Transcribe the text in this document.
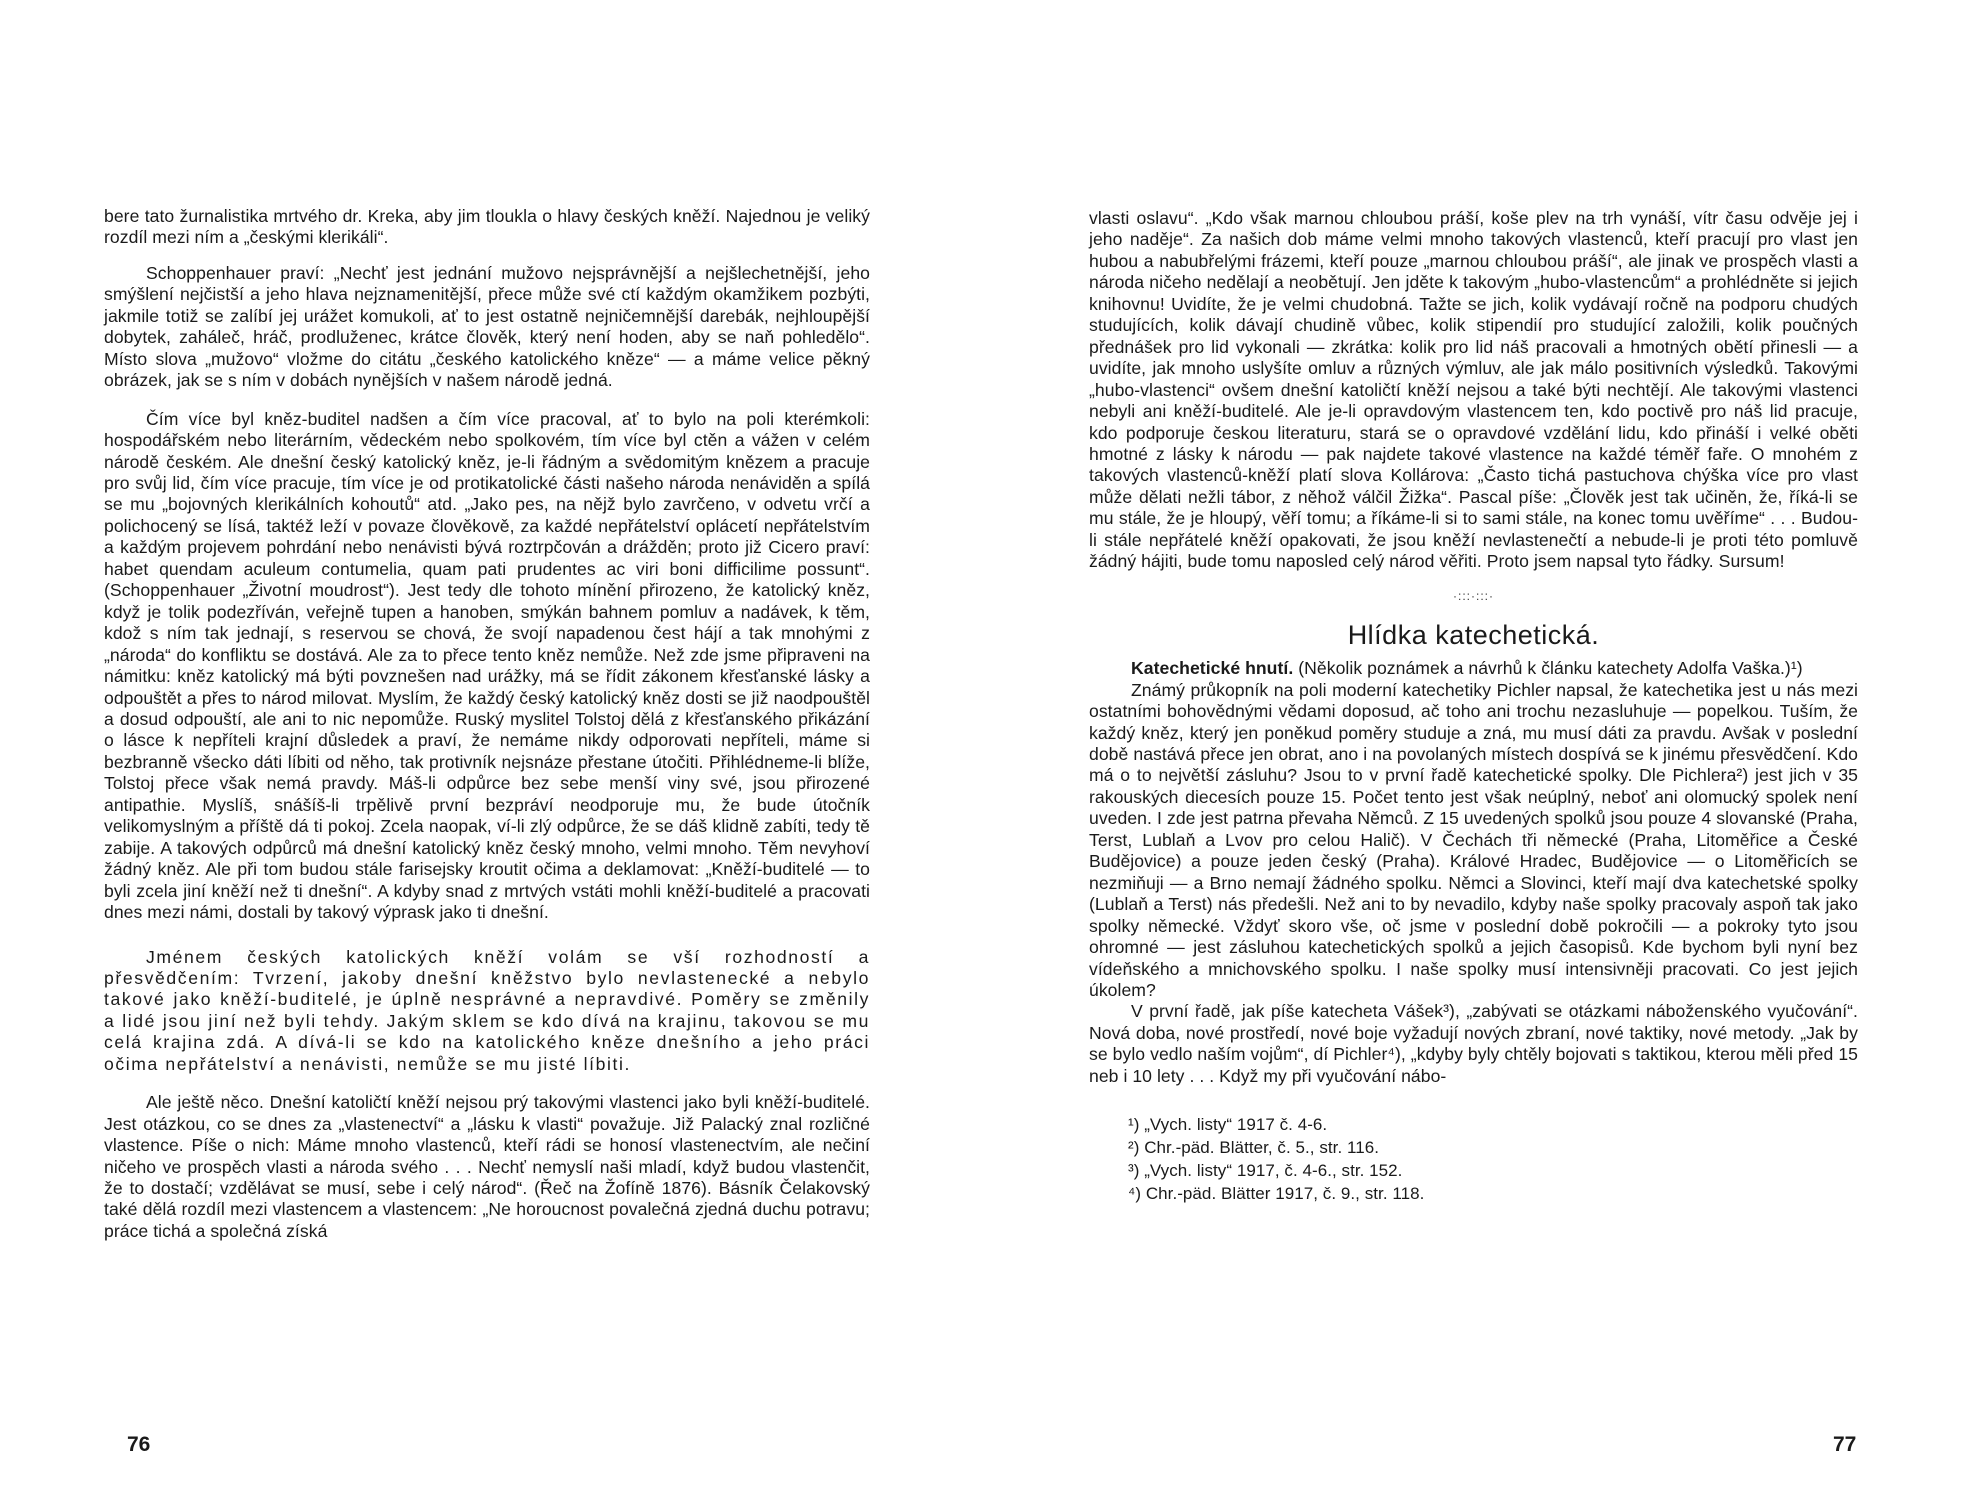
bere tato žurnalistika mrtvého dr. Kreka, aby jim tloukla o hlavy českých kněží. Najednou je veliký rozdíl mezi ním a „českými klerikáli“.

Schoppenhauer praví: „Nechť jest jednání mužovo nejsprávnější a nejšlechetnější, jeho smýšlení nejčistší a jeho hlava nejznamenitější, přece může své ctí každým okamžikem pozbýti, jakmile totiž se zalíbí jej urážet komukoli, ať to jest ostatně nejničemnější darebák, nejhloupější dobytek, zaháleč, hráč, prodluženec, krátce člověk, který není hoden, aby se naň pohledělo“. Místo slova „mužovo“ vložme do citátu „českého katolického kněze“ — a máme velice pěkný obrázek, jak se s ním v dobách nynějších v našem národě jedná.

Čím více byl kněz-buditel nadšen a čím více pracoval, ať to bylo na poli kterémkoli: hospodářském nebo literárním, vědeckém nebo spolkovém, tím více byl ctěn a vážen v celém národě českém. Ale dnešní český katolický kněz, je-li řádným a svědomitým knězem a pracuje pro svůj lid, čím více pracuje, tím více je od protikatolické části našeho národa nenáviděn a spílá se mu „bojovných klerikálních kohoutů“ atd. „Jako pes, na nějž bylo zavrčeno, v odvetu vrčí a polichocený se lísá, taktéž leží v povaze člověkově, za každé nepřátelství oplácetí nepřátelstvím a každým projevem pohrdání nebo nenávisti bývá roztrpčován a drážděn; proto již Cicero praví: habet quendam aculeum contumelia, quam pati prudentes ac viri boni difficilime possunt“. (Schoppenhauer „Životní moudrost“). Jest tedy dle tohoto mínění přirozeno, že katolický kněz, když je tolik podezříván, veřejně tupen a hanoben, smýkán bahnem pomluv a nadávek, k těm, kdož s ním tak jednají, s reservou se chová, že svojí napadenou čest hájí a tak mnohými z „národa“ do konfliktu se dostává. Ale za to přece tento kněz nemůže. Než zde jsme připraveni na námitku: kněz katolický má býti povznešen nad urážky, má se řídit zákonem křesťanské lásky a odpouštět a přes to národ milovat. Myslím, že každý český katolický kněz dosti se již naodpouštěl a dosud odpouští, ale ani to nic nepomůže. Ruský myslitel Tolstoj dělá z křesťanského přikázání o lásce k nepříteli krajní důsledek a praví, že nemáme nikdy odporovati nepříteli, máme si bezbranně všecko dáti líbiti od něho, tak protivník nejsnáze přestane útočiti. Přihlédneme-li blíže, Tolstoj přece však nemá pravdy. Máš-li odpůrce bez sebe menší viny své, jsou přirozené antipathie. Myslíš, snášíš-li trpělivě první bezpráví neodporuje mu, že bude útočník velikomyslným a příště dá ti pokoj. Zcela naopak, ví-li zlý odpůrce, že se dáš klidně zabíti, tedy tě zabije. A takových odpůrců má dnešní katolický kněz český mnoho, velmi mnoho. Těm nevyhoví žádný kněz. Ale při tom budou stále farisejsky kroutit očima a deklamovat: „Kněží-buditelé — to byli zcela jiní kněží než ti dnešní“. A kdyby snad z mrtvých vstáti mohli kněží-buditelé a pracovati dnes mezi námi, dostali by takový výprask jako ti dnešní.

Jménem českých katolických kněží volám se vší rozhodností a přesvědčením: Tvrzení, jakoby dnešní kněžstvo bylo nevlastenecké a nebylo takové jako kněží-buditelé, je úplně nesprávné a nepravdivé. Poměry se změnily a lidé jsou jiní než byli tehdy. Jakým sklem se kdo dívá na krajinu, takovou se mu celá krajina zdá. A dívá-li se kdo na katolického kněze dnešního a jeho práci očima nepřátelství a nenávisti, nemůže se mu jisté líbiti.

Ale ještě něco. Dnešní katoličtí kněží nejsou prý takovými vlastenci jako byli kněží-buditelé. Jest otázkou, co se dnes za „vlastenectví“ a „lásku k vlasti“ považuje. Již Palacký znal rozličné vlastence. Píše o nich: Máme mnoho vlastenců, kteří rádi se honosí vlastenectvím, ale nečiní ničeho ve prospěch vlasti a národa svého . . . Nechť nemyslí naši mladí, když budou vlastenčit, že to dostačí; vzdělávat se musí, sebe i celý národ“. (Řeč na Žofíně 1876). Básník Čelakovský také dělá rozdíl mezi vlastencem a vlastencem: „Ne horoucnost povalečná zjedná duchu potravu; práce tichá a společná získá

76

vlasti oslavu“. „Kdo však marnou chloubou práší, koše plev na trh vynáší, vítr času odvěje jej i jeho naděje“. Za našich dob máme velmi mnoho takových vlastenců, kteří pracují pro vlast jen hubou a nabubřelými frázemi, kteří pouze „marnou chloubou práší“, ale jinak ve prospěch vlasti a národa ničeho nedělají a neobětují. Jen jděte k takovým „hubo-vlastencům“ a prohlédněte si jejich knihovnu! Uvidíte, že je velmi chudobná. Tažte se jich, kolik vydávají ročně na podporu chudých studujících, kolik dávají chudině vůbec, kolik stipendií pro studující založili, kolik poučných přednášek pro lid vykonali — zkrátka: kolik pro lid náš pracovali a hmotných obětí přinesli — a uvidíte, jak mnoho uslyšíte omluv a různých výmluv, ale jak málo positivních výsledků. Takovými „hubo-vlastenci“ ovšem dnešní katoličtí kněží nejsou a také býti nechtějí. Ale takovými vlastenci nebyli ani kněží-buditelé. Ale je-li opravdovým vlastencem ten, kdo poctivě pro náš lid pracuje, kdo podporuje českou literaturu, stará se o opravdové vzdělání lidu, kdo přináší i velké oběti hmotné z lásky k národu — pak najdete takové vlastence na každé téměř faře. O mnohém z takových vlastenců-kněží platí slova Kollárova: „Často tichá pastuchova chýška více pro vlast může dělati nežli tábor, z něhož válčil Žižka“. Pascal píše: „Člověk jest tak učiněn, že, říká-li se mu stále, že je hloupý, věří tomu; a říkáme-li si to sami stále, na konec tomu uvěříme“ . . . Budou-li stále nepřátelé kněží opakovati, že jsou kněží nevlastenečtí a nebude-li je proti této pomluvě žádný hájiti, bude tomu naposled celý národ věřiti. Proto jsem napsal tyto řádky. Sursum!

·:::·:::·
Hlídka katechetická.

Katechetické hnutí. (Několik poznámek a návrhů k článku katechety Adolfa Vaška.)¹)

Známý průkopník na poli moderní katechetiky Pichler napsal, že katechetika jest u nás mezi ostatními bohovědnými vědami doposud, ač toho ani trochu nezasluhuje — popelkou. Tuším, že každý kněz, který jen poněkud poměry studuje a zná, mu musí dáti za pravdu. Avšak v poslední době nastává přece jen obrat, ano i na povolaných místech dospívá se k jinému přesvědčení. Kdo má o to největší zásluhu? Jsou to v první řadě katechetické spolky. Dle Pichlera²) jest jich v 35 rakouských diecesích pouze 15. Počet tento jest však neúplný, neboť ani olomucký spolek není uveden. I zde jest patrna převaha Němců. Z 15 uvedených spolků jsou pouze 4 slovanské (Praha, Terst, Lublaň a Lvov pro celou Halič). V Čechách tři německé (Praha, Litoměřice a České Budějovice) a pouze jeden český (Praha). Králové Hradec, Budějovice — o Litoměřicích se nezmiňuji — a Brno nemají žádného spolku. Němci a Slovinci, kteří mají dva katechetské spolky (Lublaň a Terst) nás předešli. Než ani to by nevadilo, kdyby naše spolky pracovaly aspoň tak jako spolky německé. Vždyť skoro vše, oč jsme v poslední době pokročili — a pokroky tyto jsou ohromné — jest zásluhou katechetických spolků a jejich časopisů. Kde bychom byli nyní bez vídeňského a mnichovského spolku. I naše spolky musí intensivněji pracovati. Co jest jejich úkolem?

V první řadě, jak píše katecheta Vášek³), „zabývati se otázkami náboženského vyučování“. Nová doba, nové prostředí, nové boje vyžadují nových zbraní, nové taktiky, nové metody. „Jak by se bylo vedlo naším vojům“, dí Pichler⁴), „kdyby byly chtěly bojovati s taktikou, kterou měli před 15 neb i 10 lety . . . Když my při vyučování nábo-

¹) „Vych. listy“ 1917 č. 4-6.
²) Chr.-päd. Blätter, č. 5., str. 116.
³) „Vych. listy“ 1917, č. 4-6., str. 152.
⁴) Chr.-päd. Blätter 1917, č. 9., str. 118.
77
